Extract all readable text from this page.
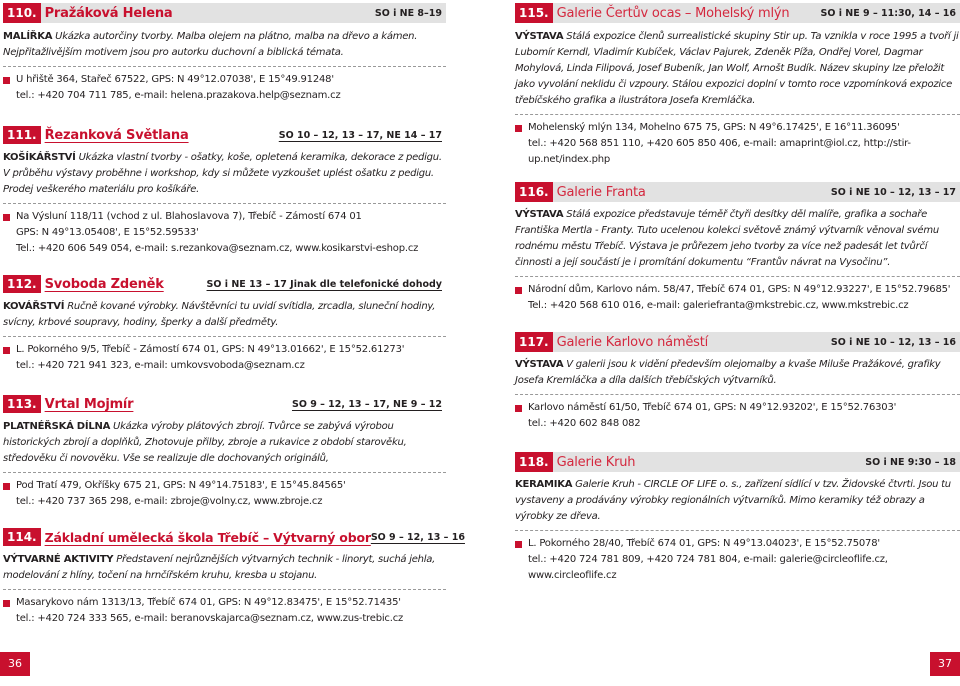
110. Pražáková Helena	SO i NE 8–19
MALÍŘKA Ukázka autorčiny tvorby. Malba olejem na plátno, malba na dřevo a kámen. Nejpřitažlivějším motivem jsou pro autorku duchovní a biblická témata.
U hřiště 364, Stařeč 67522, GPS: N 49°12.07038', E 15°49.91248'
tel.: +420 704 711 785, e-mail: helena.prazakova.help@seznam.cz
111. Řezanková Světlana	SO 10 – 12, 13 – 17, NE 14 – 17
KOŠÍKÁŘSTVÍ Ukázka vlastní tvorby - ošatky, koše, opletená keramika, dekorace z pedigu. V průběhu výstavy proběhne i workshop, kdy si můžete vyzkoušet uplést ošatku z pedigu. Prodej veškerého materiálu pro košíkáře.
Na Výsluní 118/11 (vchod z ul. Blahoslavova 7), Třebíč - Zámostí 674 01
GPS: N 49°13.05408', E 15°52.59533'
Tel.: +420 606 549 054, e-mail: s.rezankova@seznam.cz, www.kosikarstvi-eshop.cz
112. Svoboda Zdeněk	SO i NE 13 – 17 Jinak dle telefonické dohody
KOVÁŘSTVÍ Ručně kované výrobky. Návštěvníci tu uvidí svítidla, zrcadla, sluneční hodiny, svícny, krbové soupravy, hodiny, šperky a další předměty.
L. Pokorného 9/5, Třebíč - Zámostí 674 01, GPS: N 49°13.01662', E 15°52.61273'
tel.: +420 721 941 323, e-mail: umkovsvoboda@seznam.cz
113. Vrtal Mojmír	SO 9 – 12, 13 – 17, NE 9 – 12
PLATNÉŘSKÁ DÍLNA Ukázka výroby plátových zbrojí. Tvůrce se zabývá výrobou historických zbrojí a doplňků, Zhotovuje přilby, zbroje a rukavice z období starověku, středověku či novověku. Vše se realizuje dle dochovaných originálů,
Pod Tratí 479, Okříšky 675 21, GPS: N 49°14.75183', E 15°45.84565'
tel.: +420 737 365 298, e-mail: zbroje@volny.cz, www.zbroje.cz
114. Základní umělecká škola Třebíč – Výtvarný obor SO 9 – 12, 13 – 16
VÝTVARNÉ AKTIVITY Představení nejrůznějších výtvarných technik - linoryt, suchá jehla, modelování z hlíny, točení na hrnčířském kruhu, kresba u stojanu.
Masarykovo nám 1313/13, Třebíč 674 01, GPS: N 49°12.83475', E 15°52.71435'
tel.: +420 724 333 565, e-mail: beranovskajarca@seznam.cz, www.zus-trebic.cz
36
115. Galerie Čertův ocas – Mohelský mlýn	SO i NE 9 – 11:30, 14 – 16
VÝSTAVA Stálá expozice členů surrealistické skupiny Stir up. Ta vznikla v roce 1995 a tvoří ji Lubomír Kerndl, Vladimír Kubíček, Václav Pajurek, Zdeněk Píža, Ondřej Vorel, Dagmar Mohylová, Linda Filipová, Josef Bubeník, Jan Wolf, Arnošt Budík. Název skupiny lze přeložit jako vyvolání neklidu či vzpoury. Stálou expozici doplní v tomto roce vzpomínková expozice třebíčského grafika a ilustrátora Josefa Kremláčka.
Mohelenský mlýn 134, Mohelno 675 75, GPS: N 49°6.17425', E 16°11.36095'
tel.: +420 568 851 110, +420 605 850 406, e-mail: amaprint@iol.cz, http://stir-up.net/index.php
116. Galerie Franta	SO i NE 10 – 12, 13 – 17
VÝSTAVA Stálá expozice představuje téměř čtyři desítky děl malíře, grafika a sochaře Františka Mertla - Franty. Tuto ucelenou kolekci světově známý výtvarník věnoval svému rodnému městu Třebíč. Výstava je průřezem jeho tvorby za více než padesát let tvůrčí činnosti a její součástí je i promítání dokumentu “Frantův návrat na Vysočinu”.
Národní dům, Karlovo nám. 58/47, Třebíč 674 01, GPS: N 49°12.93227', E 15°52.79685'
Tel.: +420 568 610 016, e-mail: galeriefranta@mkstrebic.cz, www.mkstrebic.cz
117. Galerie Karlovo náměstí	SO i NE 10 – 12, 13 – 16
VÝSTAVA V galerii jsou k vidění především olejomalby a kvaše Miluše Pražákové, grafiky Josefa Kremláčka a díla dalších třebíčských výtvarníků.
Karlovo náměstí 61/50, Třebíč 674 01, GPS: N 49°12.93202', E 15°52.76303'
tel.: +420 602 848 082
118. Galerie Kruh	SO i NE 9:30 – 18
KERAMIKA Galerie Kruh - CIRCLE OF LIFE o. s., zařízení sídlící v tzv. Židovské čtvrti. Jsou tu vystaveny a prodávány výrobky regionálních výtvarníků. Mimo keramiky též obrazy a výrobky ze dřeva.
L. Pokorného 28/40, Třebíč 674 01, GPS: N 49°13.04023', E 15°52.75078'
tel.: +420 724 781 809, +420 724 781 804, e-mail: galerie@circleoflife.cz, www.circleoflife.cz
37
